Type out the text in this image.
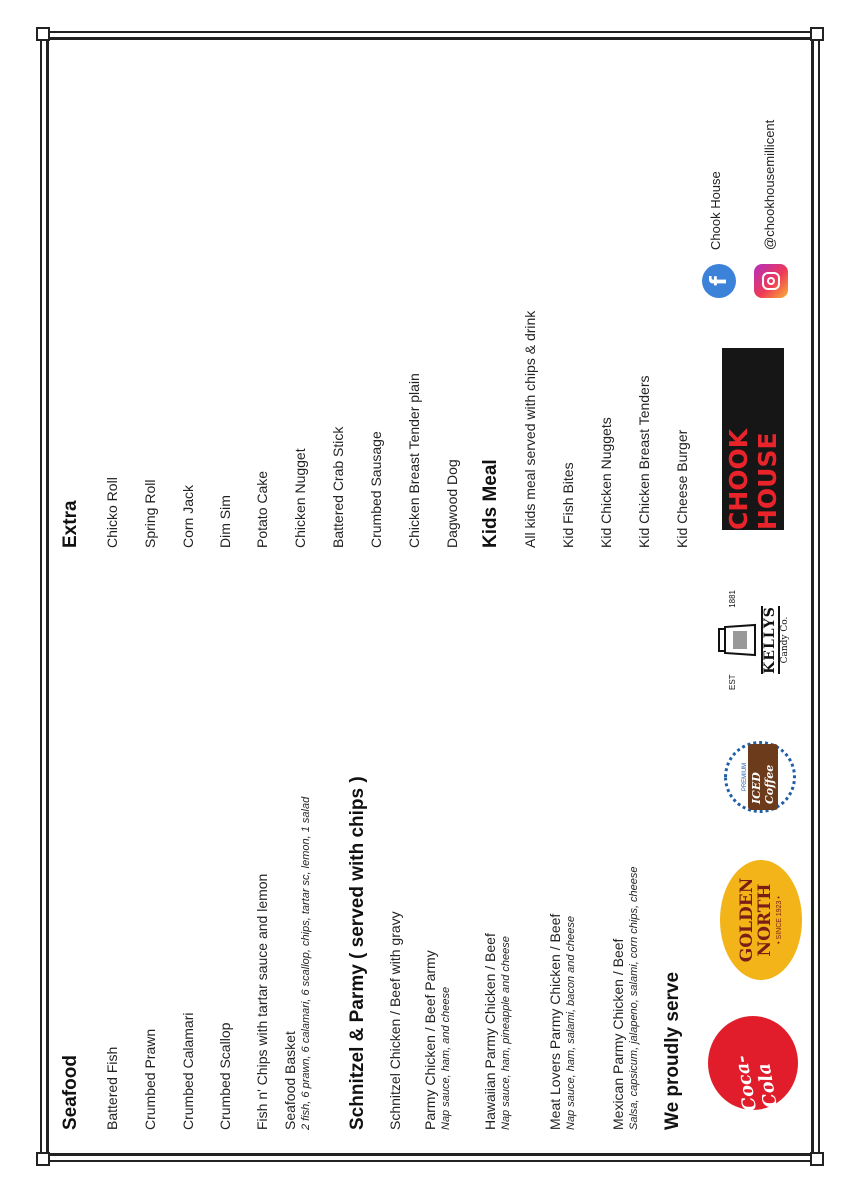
Seafood Battered Fish Crumbed Prawn Crumbed Calamari Crumbed Scallop Fish n' Chips with tartar sauce and lemon Seafood Basket 2 fish, 6 prawn, 6 calamari, 6 scallop, chips, tartar sc, lemon, 1 salad Schnitzel & Parmy ( served with chips ) Schnitzel Chicken / Beef with gravy Parmy Chicken / Beef Parmy Nap sauce, ham, and cheese Hawaiian Parmy Chicken / Beef Nap sauce, ham, pineapple and cheese	Meat Lovers Parmy Chicken / Beef Nap sauce, ham, salami, bacon and cheese Mexican Parmy Chicken / Beef Salsa, capsicum, jalapeno, salami, corn chips, cheese We proudly serve	Coca-Cola
GOLDEN
NORTH • SINCE 1923 •
PREMIUM ICED Coffee
EST
1881
KELLYS Candy Co.
Extra Chicko Roll Spring Roll Corn Jack Dim Sim Potato Cake Chicken Nugget Battered Crab Stick Crumbed Sausage Chicken Breast Tender plain Dagwood Dog Kids Meal All kids meal served with chips & drink Kid Fish Bites Kid Chicken Nuggets Kid Chicken Breast Tenders Kid Cheese Burger CHOOK HOUSE
f
Chook House	@chookhousemillicent
